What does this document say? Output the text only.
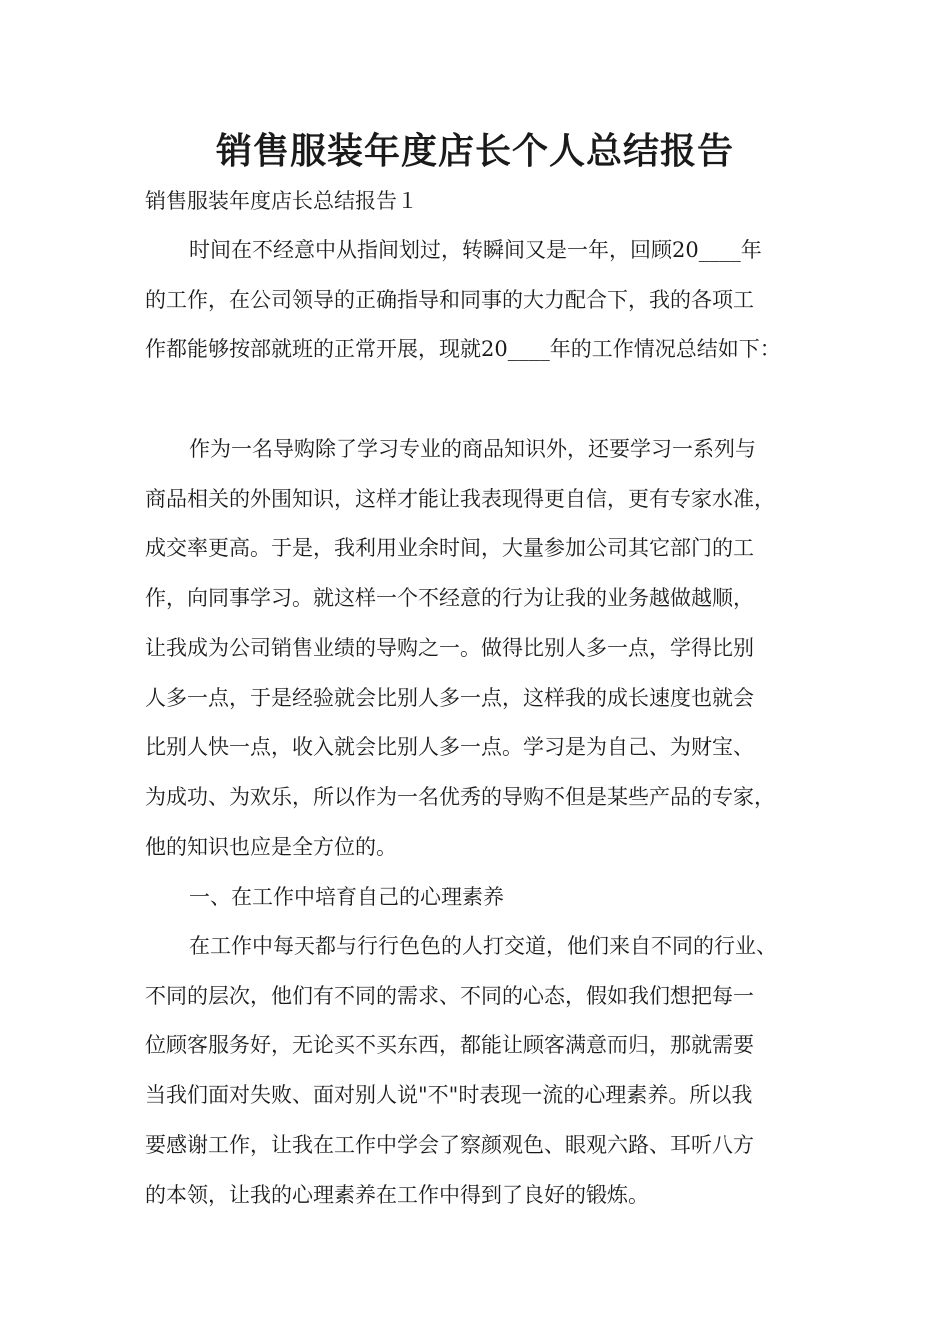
销售服装年度店长个人总结报告
销售服装年度店长总结报告１
时间在不经意中从指间划过，转瞬间又是一年，回顾20____年
的工作，在公司领导的正确指导和同事的大力配合下，我的各项工
作都能够按部就班的正常开展，现就20____年的工作情况总结如下：
作为一名导购除了学习专业的商品知识外，还要学习一系列与
商品相关的外围知识，这样才能让我表现得更自信，更有专家水准，
成交率更高。于是，我利用业余时间，大量参加公司其它部门的工
作，向同事学习。就这样一个不经意的行为让我的业务越做越顺，
让我成为公司销售业绩的导购之一。做得比别人多一点，学得比别
人多一点，于是经验就会比别人多一点，这样我的成长速度也就会
比别人快一点，收入就会比别人多一点。学习是为自己、为财宝、
为成功、为欢乐，所以作为一名优秀的导购不但是某些产品的专家，
他的知识也应是全方位的。
一、在工作中培育自己的心理素养
在工作中每天都与行行色色的人打交道，他们来自不同的行业、
不同的层次，他们有不同的需求、不同的心态，假如我们想把每一
位顾客服务好，无论买不买东西，都能让顾客满意而归，那就需要
当我们面对失败、面对别人说"不"时表现一流的心理素养。所以我
要感谢工作，让我在工作中学会了察颜观色、眼观六路、耳听八方
的本领，让我的心理素养在工作中得到了良好的锻炼。
